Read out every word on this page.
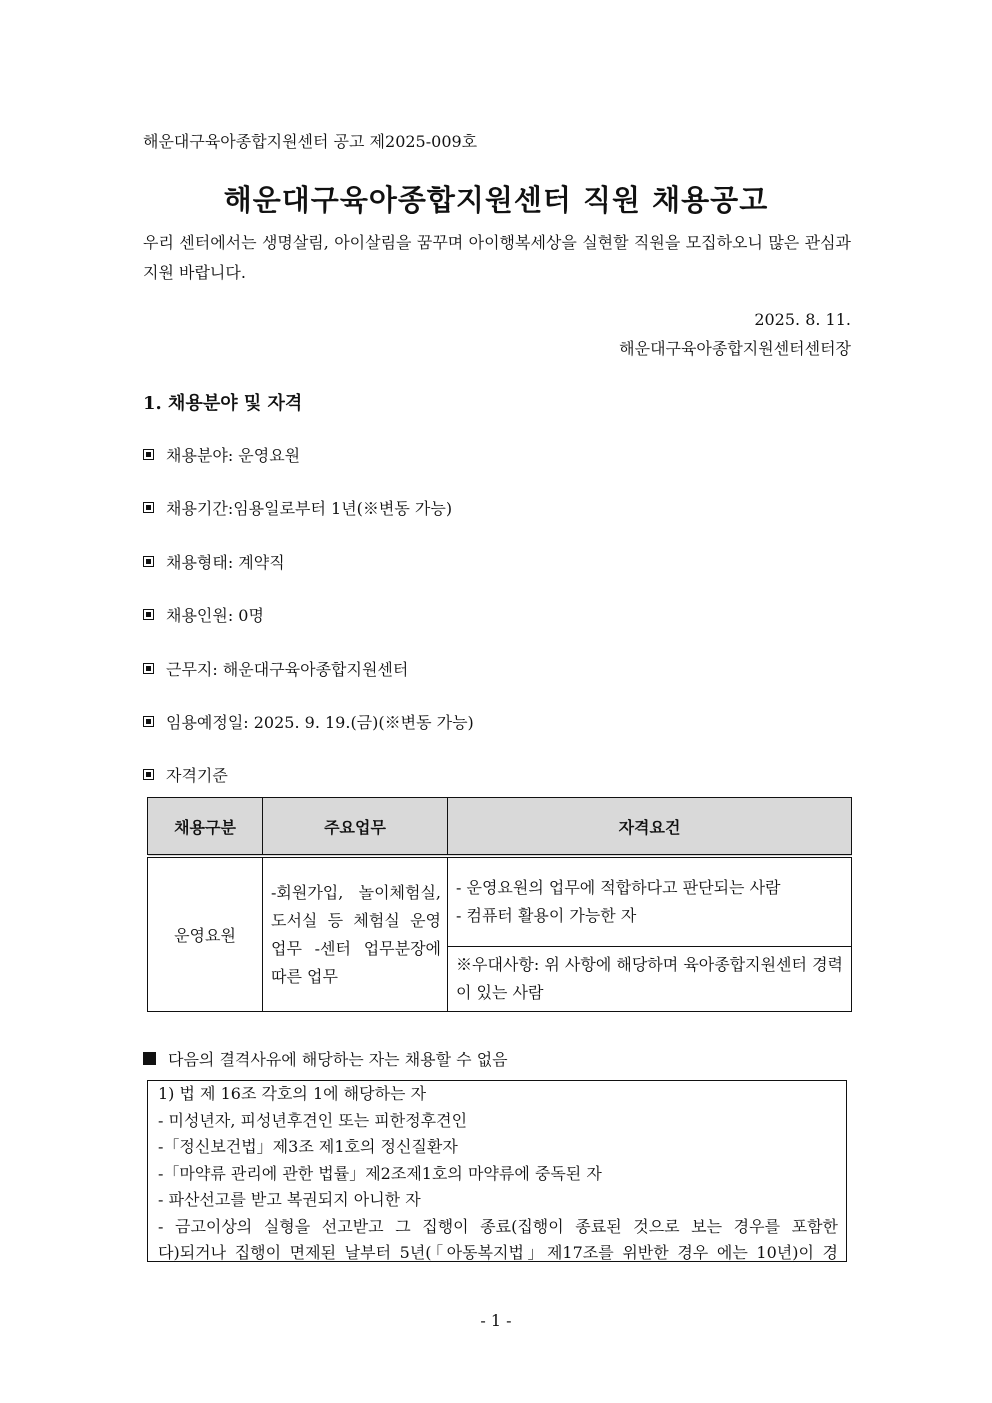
해운대구육아종합지원센터 공고 제2025-009호
해운대구육아종합지원센터 직원 채용공고
우리 센터에서는 생명살림, 아이살림을 꿈꾸며 아이행복세상을 실현할 직원을 모집하오니 많은 관심과 지원 바랍니다.
2025. 8. 11.
해운대구육아종합지원센터센터장
1. 채용분야 및 자격
채용분야: 운영요원
채용기간:임용일로부터 1년(※변동 가능)
채용형태: 계약직
채용인원: 0명
근무지: 해운대구육아종합지원센터
임용예정일: 2025. 9. 19.(금)(※변동 가능)
자격기준
채용구분	주요업무	자격요건
운영요원	-회원가입, 놀이체험실, 도서실 등 체험실 운영 업무 -센터 업무분장에 따른 업무	- 운영요원의 업무에 적합하다고 판단되는 사람
- 컴퓨터 활용이 가능한 자

		※우대사항: 위 사항에 해당하며 육아종합지원센터 경력이 있는 사람
다음의 결격사유에 해당하는 자는 채용할 수 없음
1) 법 제 16조 각호의 1에 해당하는 자
- 미성년자, 피성년후견인 또는 피한정후견인
-「정신보건법」제3조 제1호의 정신질환자
-「마약류 관리에 관한 법률」제2조제1호의 마약류에 중독된 자
- 파산선고를 받고 복권되지 아니한 자
- 금고이상의 실형을 선고받고 그 집행이 종료(집행이 종료된 것으로 보는 경우를 포함한
다)되거나 집행이 면제된 날부터 5년(「아동복지법」제17조를 위반한 경우 에는 10년)이 경
- 1 -
